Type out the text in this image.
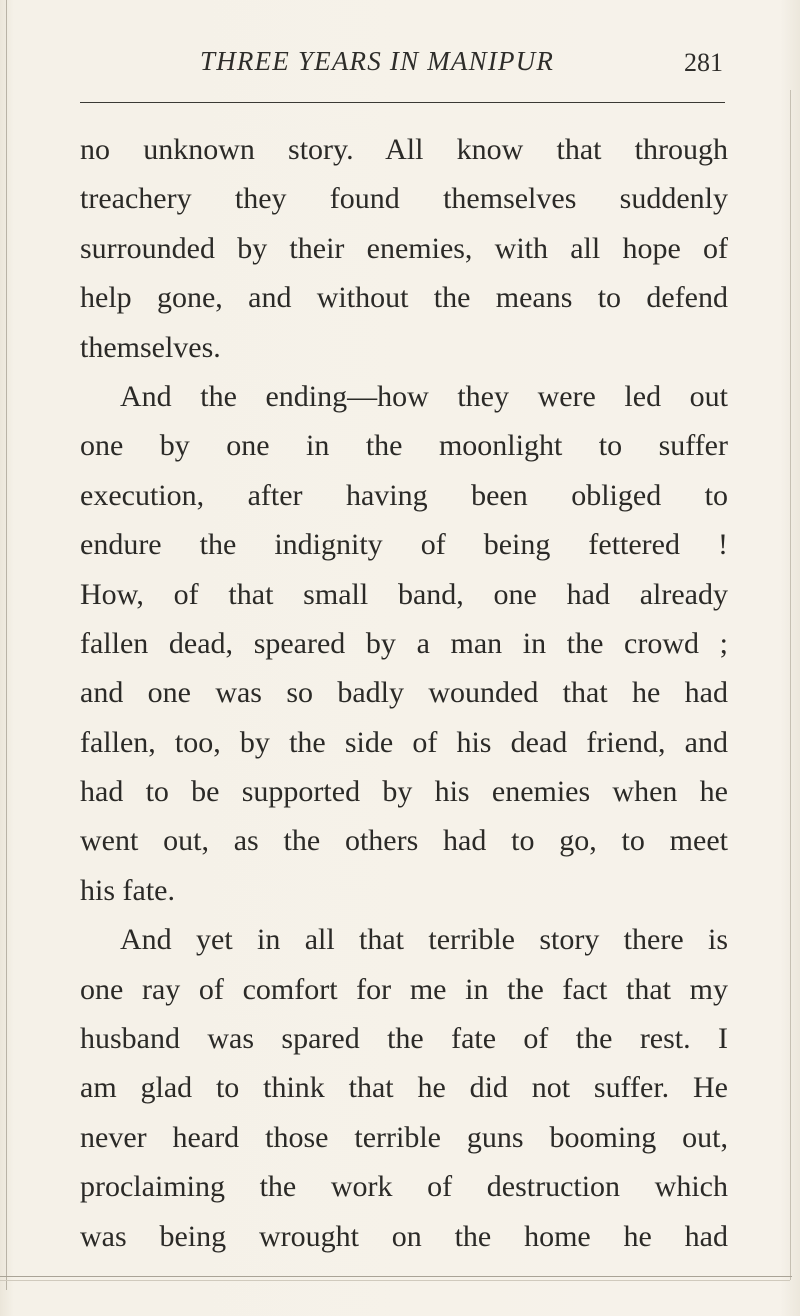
THREE YEARS IN MANIPUR	281
no unknown story. All know that through
treachery they found themselves suddenly
surrounded by their enemies, with all hope of
help gone, and without the means to defend
themselves.
And the ending—how they were led out
one by one in the moonlight to suffer
execution, after having been obliged to
endure the indignity of being fettered !
How, of that small band, one had already
fallen dead, speared by a man in the crowd ;
and one was so badly wounded that he had
fallen, too, by the side of his dead friend, and
had to be supported by his enemies when he
went out, as the others had to go, to meet
his fate.
And yet in all that terrible story there is
one ray of comfort for me in the fact that my
husband was spared the fate of the rest. I
am glad to think that he did not suffer. He
never heard those terrible guns booming out,
proclaiming the work of destruction which
was being wrought on the home he had
